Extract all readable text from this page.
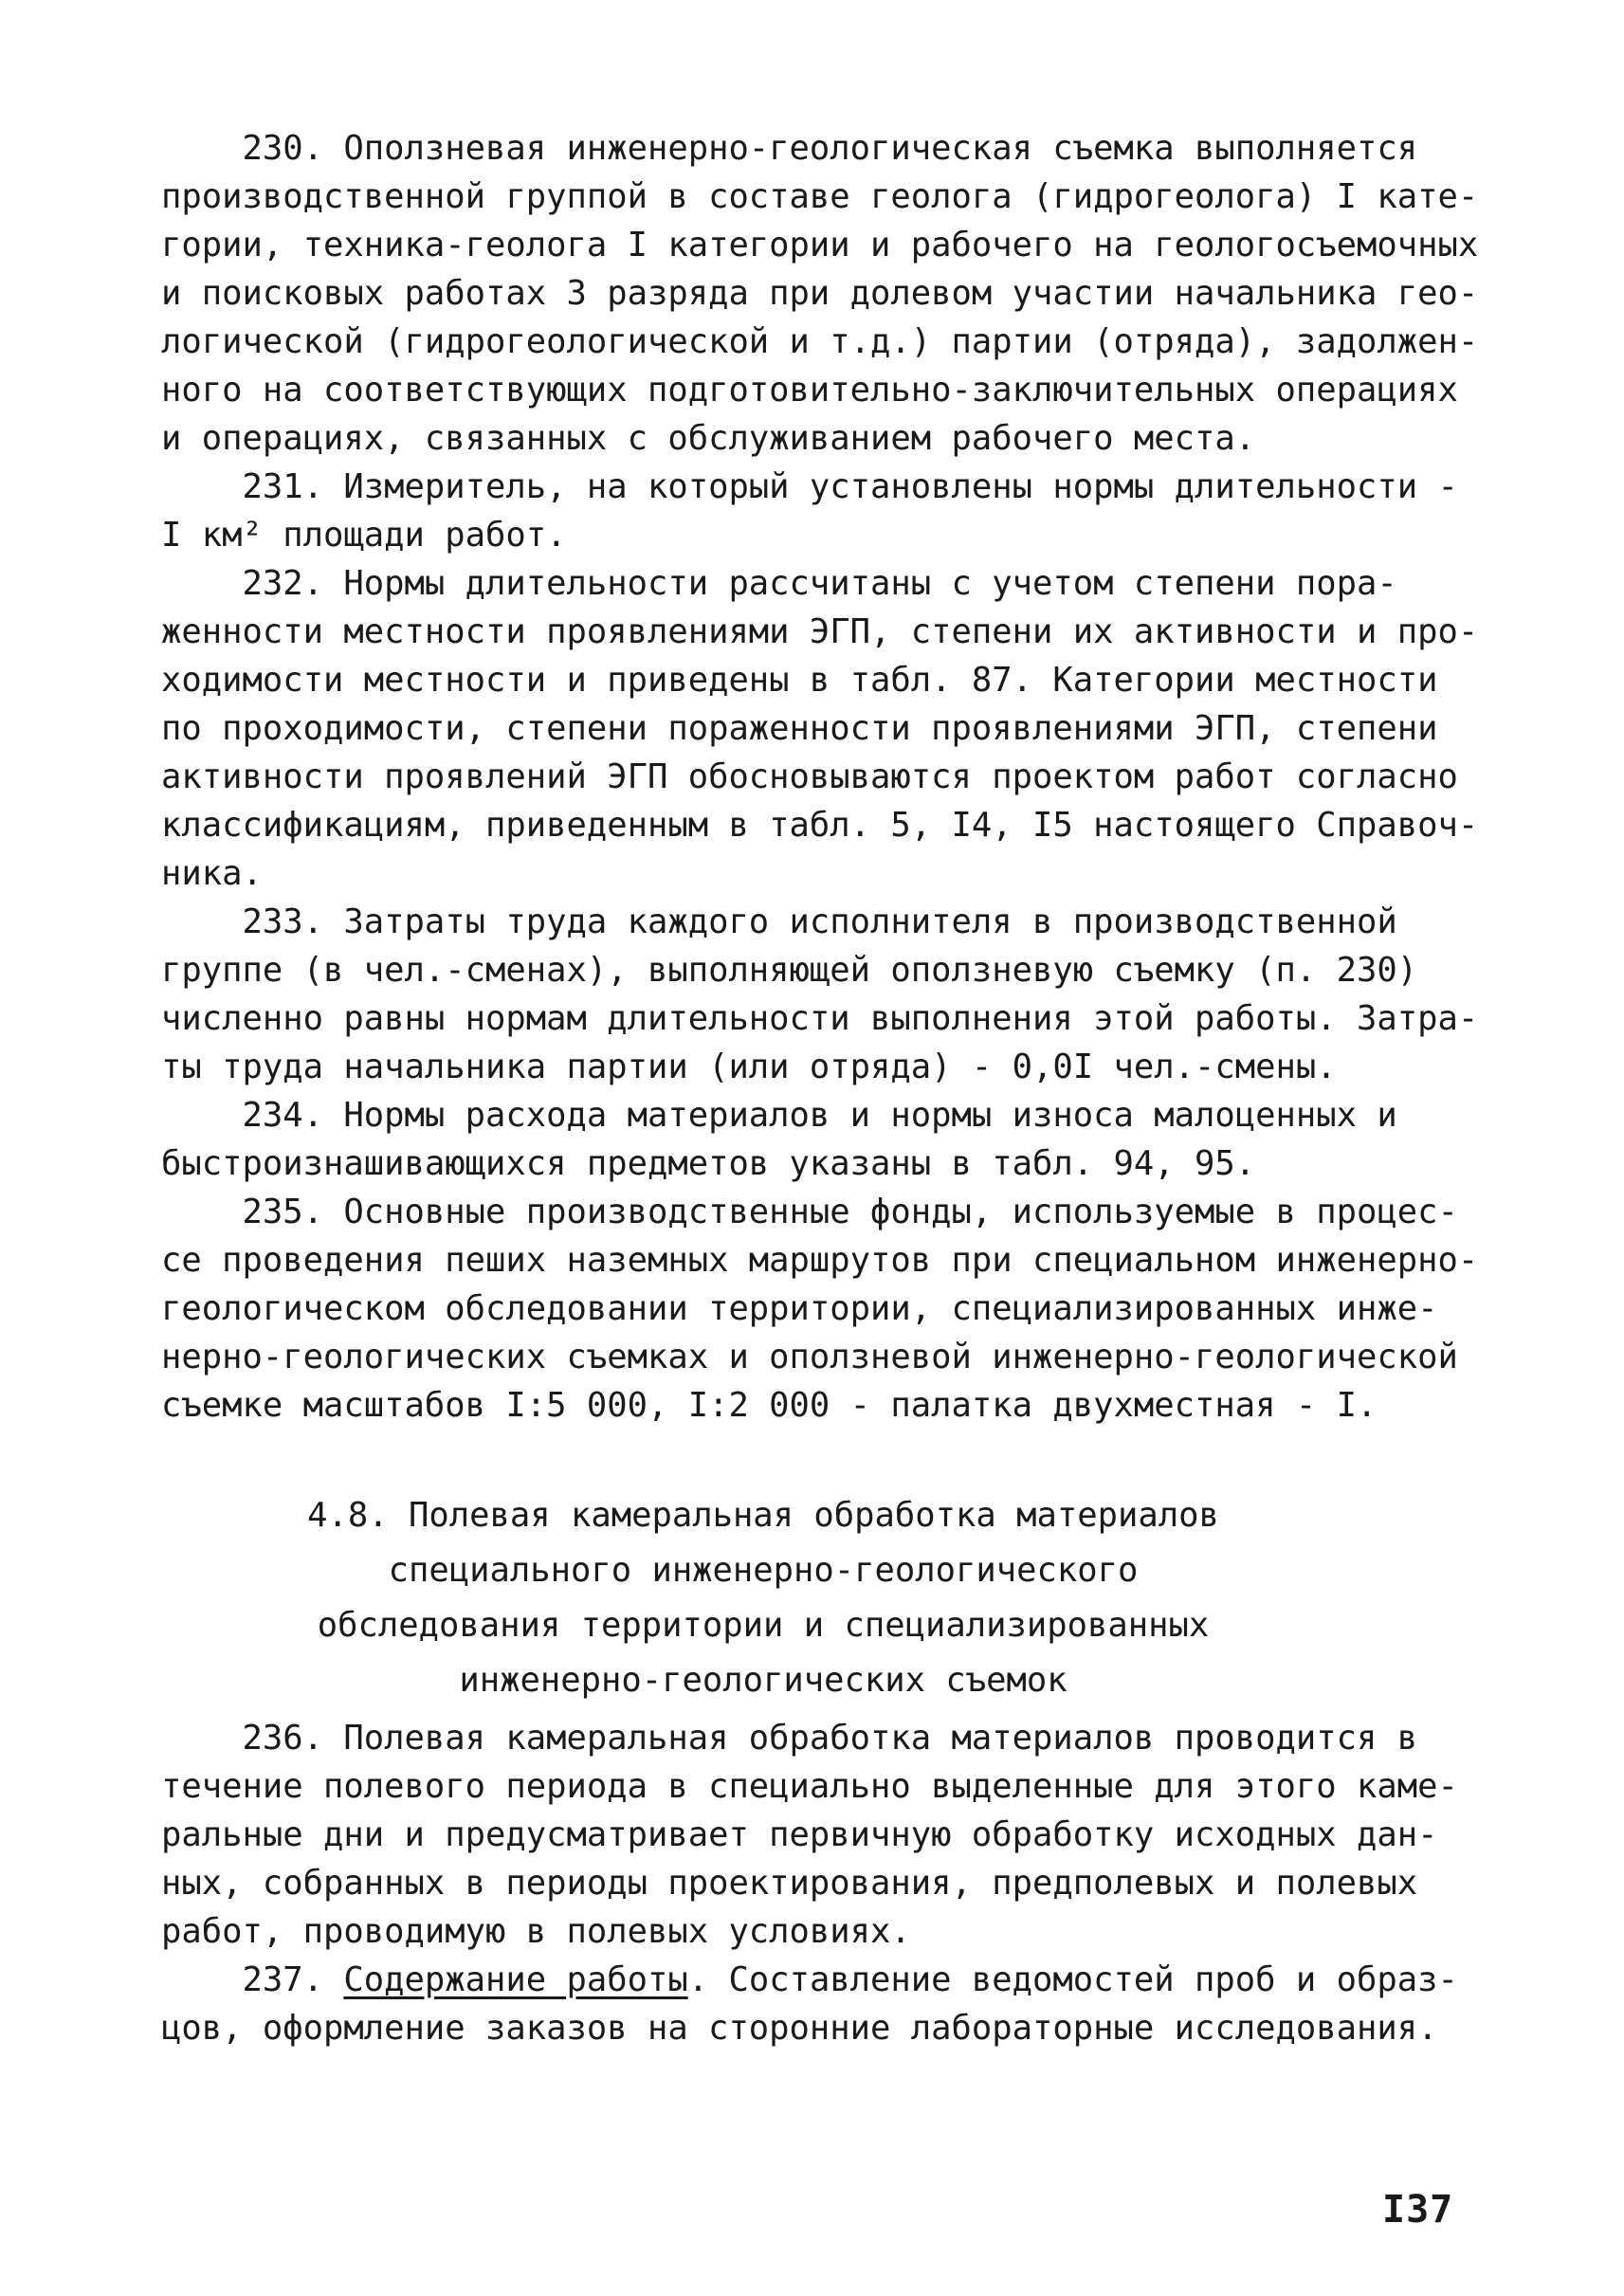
230. Оползневая инженерно-геологическая съемка выполняется
производственной группой в составе геолога (гидрогеолога) I кате-
гории, техника-геолога I категории и рабочего на геологосъемочных
и поисковых работах 3 разряда при долевом участии начальника гео-
логической (гидрогеологической и т.д.) партии (отряда), задолжен-
ного на соответствующих подготовительно-заключительных операциях
и операциях, связанных с обслуживанием рабочего места.
231. Измеритель, на который установлены нормы длительности -
I км² площади работ.
232. Нормы длительности рассчитаны с учетом степени пора-
женности местности проявлениями ЭГП, степени их активности и про-
ходимости местности и приведены в табл. 87. Категории местности
по проходимости, степени пораженности проявлениями ЭГП, степени
активности проявлений ЭГП обосновываются проектом работ согласно
классификациям, приведенным в табл. 5, I4, I5 настоящего Справоч-
ника.
233. Затраты труда каждого исполнителя в производственной
группе (в чел.-сменах), выполняющей оползневую съемку (п. 230)
численно равны нормам длительности выполнения этой работы. Затра-
ты труда начальника партии (или отряда) - 0,0I чел.-смены.
234. Нормы расхода материалов и нормы износа малоценных и
быстроизнашивающихся предметов указаны в табл. 94, 95.
235. Основные производственные фонды, используемые в процес-
се проведения пеших наземных маршрутов при специальном инженерно-
геологическом обследовании территории, специализированных инже-
нерно-геологических съемках и оползневой инженерно-геологической
съемке масштабов I:5 000, I:2 000 - палатка двухместная - I.
4.8. Полевая камеральная обработка материалов
специального инженерно-геологического
обследования территории и специализированных
инженерно-геологических съемок
236. Полевая камеральная обработка материалов проводится в
течение полевого периода в специально выделенные для этого каме-
ральные дни и предусматривает первичную обработку исходных дан-
ных, собранных в периоды проектирования, предполевых и полевых
работ, проводимую в полевых условиях.
237. Содержание работы. Составление ведомостей проб и образ-
цов, оформление заказов на сторонние лабораторные исследования.
I37
